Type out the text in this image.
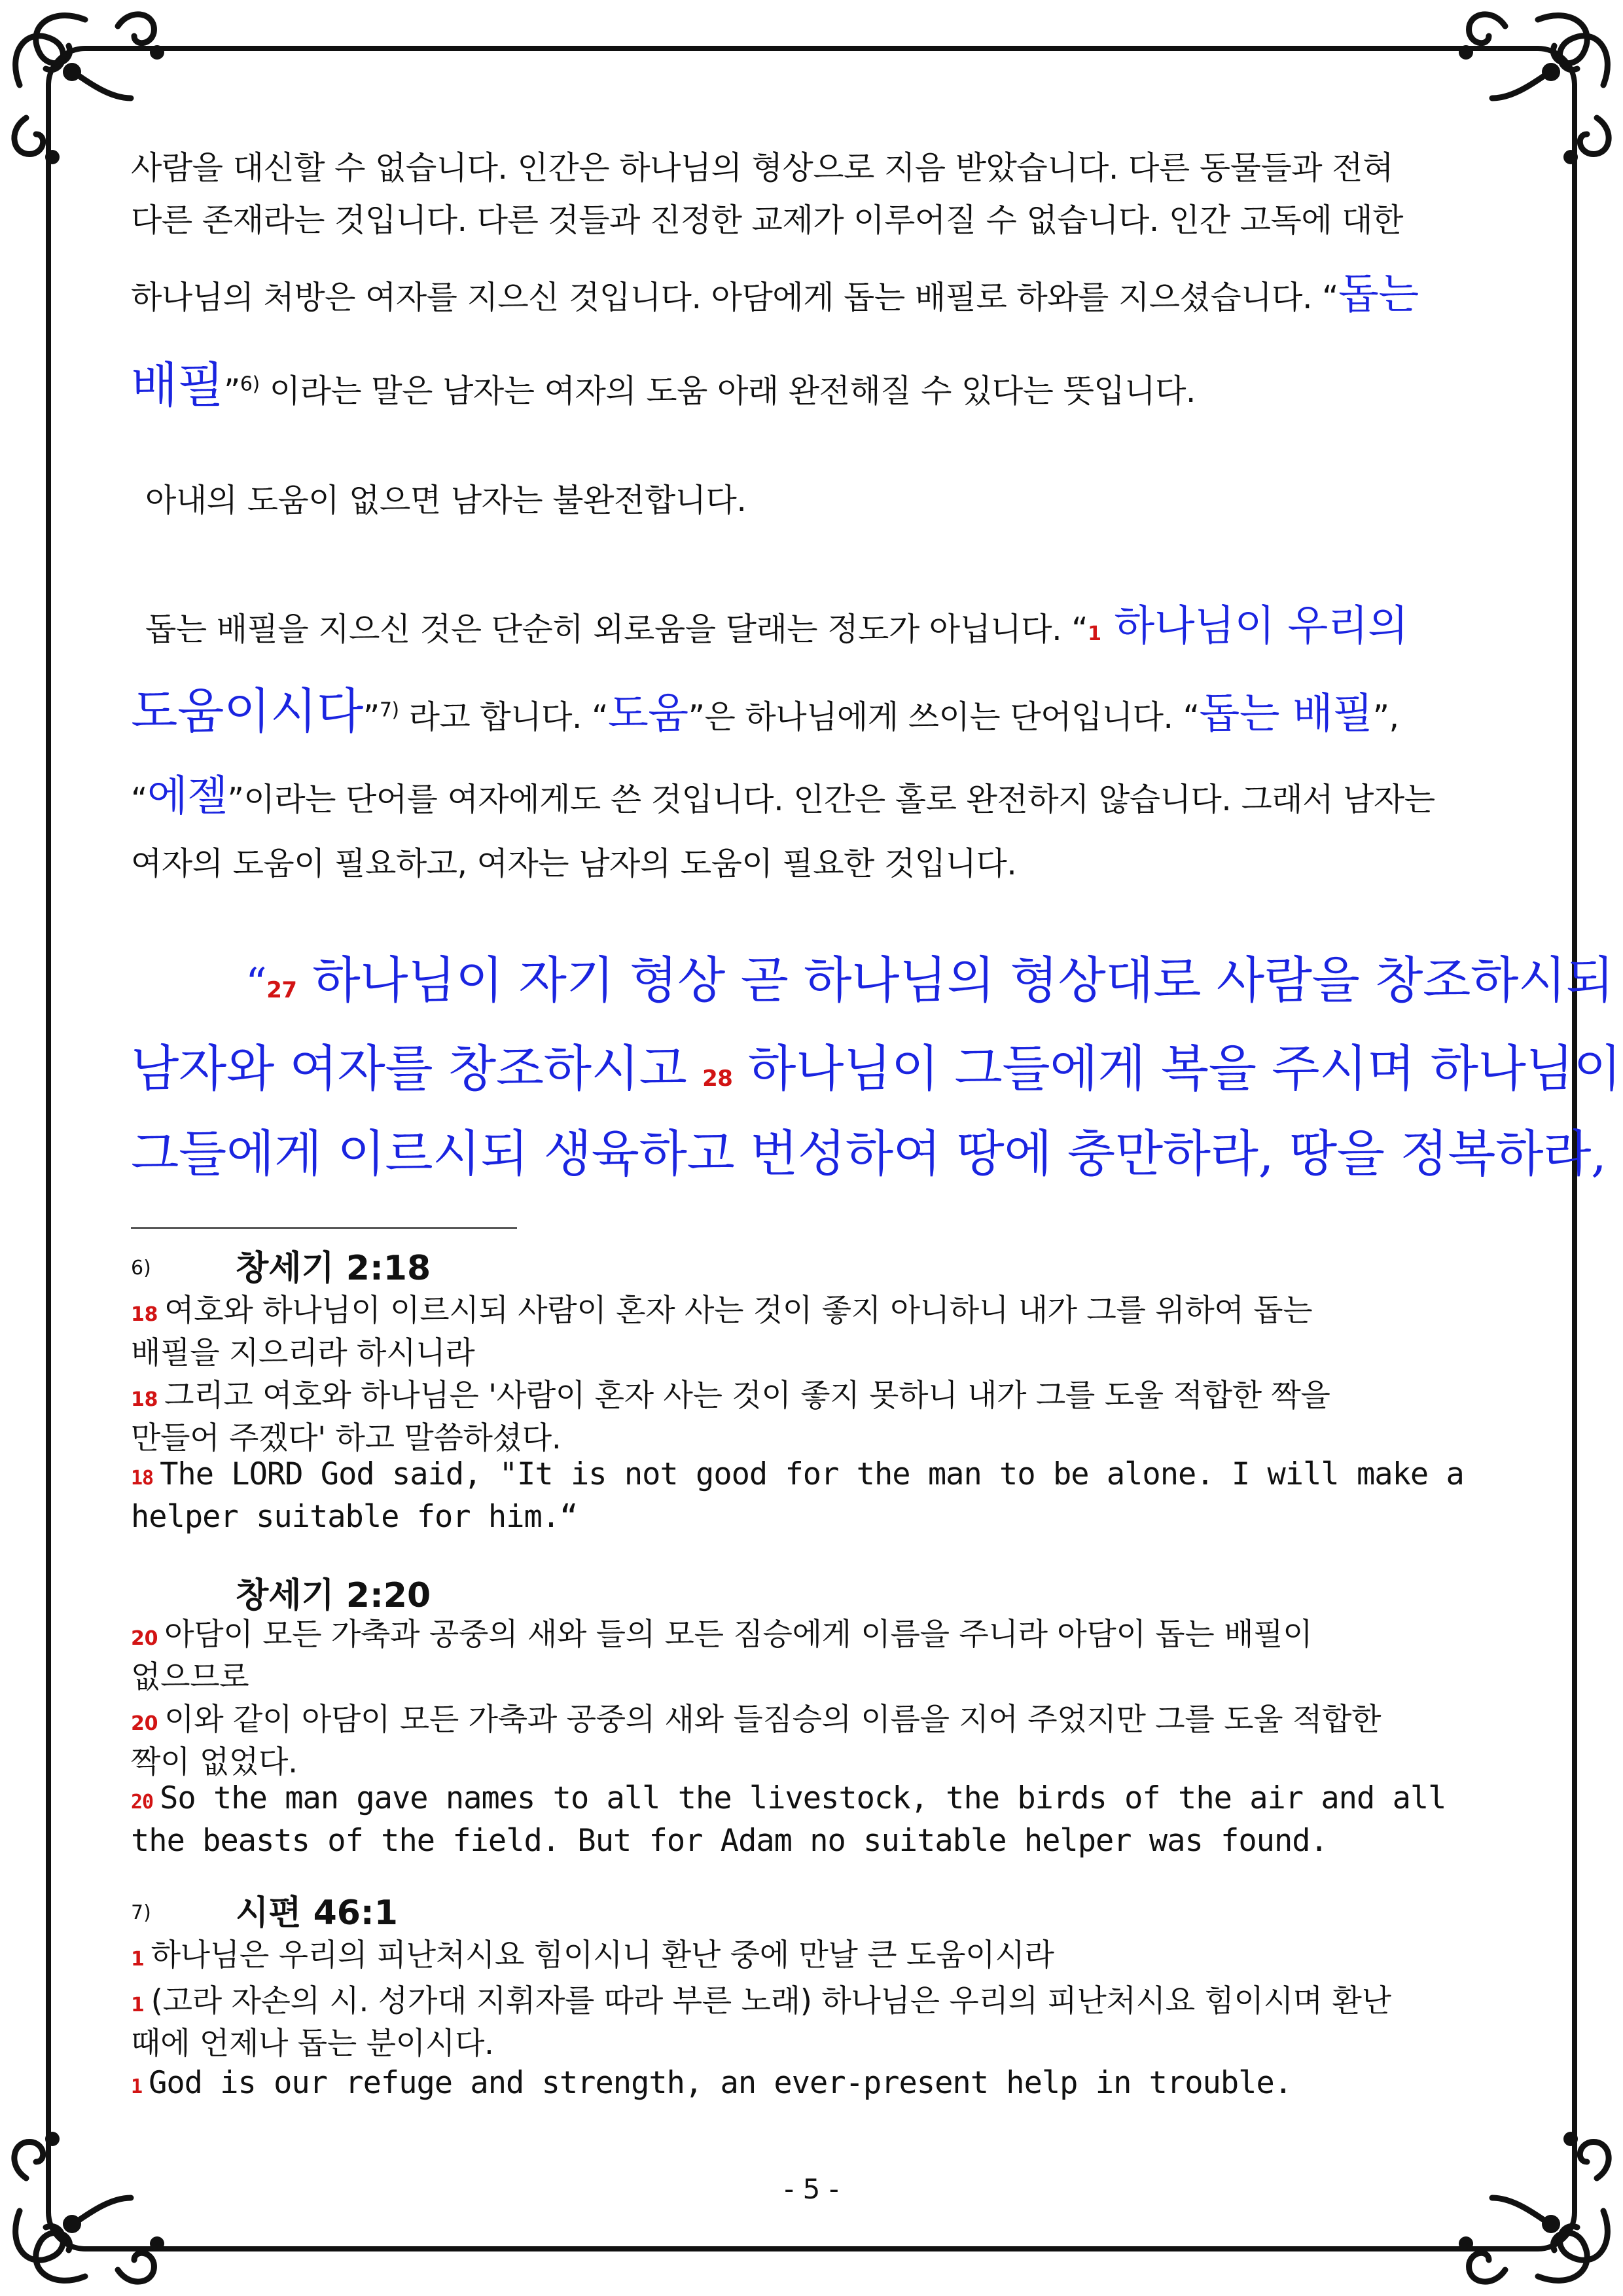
사람을 대신할 수 없습니다. 인간은 하나님의 형상으로 지음 받았습니다. 다른 동물들과 전혀
다른 존재라는 것입니다. 다른 것들과 진정한 교제가 이루어질 수 없습니다. 인간 고독에 대한
하나님의 처방은 여자를 지으신 것입니다. 아담에게 돕는 배필로 하와를 지으셨습니다. “돕는
배필”$^{6)}$ 이라는 말은 남자는 여자의 도움 아래 완전해질 수 있다는 뜻입니다.
아내의 도움이 없으면 남자는 불완전합니다.
돕는 배필을 지으신 것은 단순히 외로움을 달래는 정도가 아닙니다. “1 하나님이 우리의
도움이시다”$^{7)}$ 라고 합니다. “도움”은 하나님에게 쓰이는 단어입니다. “돕는 배필”,
“에젤”이라는 단어를 여자에게도 쓴 것입니다. 인간은 홀로 완전하지 않습니다. 그래서 남자는
여자의 도움이 필요하고, 여자는 남자의 도움이 필요한 것입니다.
“27 하나님이 자기 형상 곧 하나님의 형상대로 사람을 창조하시되
남자와 여자를 창조하시고 28 하나님이 그들에게 복을 주시며 하나님이
그들에게 이르시되 생육하고 번성하여 땅에 충만하라, 땅을 정복하라,
6) 창세기 2:18
18 여호와 하나님이 이르시되 사람이 혼자 사는 것이 좋지 아니하니 내가 그를 위하여 돕는
배필을 지으리라 하시니라
18 그리고 여호와 하나님은 '사람이 혼자 사는 것이 좋지 못하니 내가 그를 도울 적합한 짝을
만들어 주겠다' 하고 말씀하셨다.
18 The LORD God said, "It is not good for the man to be alone. I will make a
helper suitable for him.“
창세기 2:20
20 아담이 모든 가축과 공중의 새와 들의 모든 짐승에게 이름을 주니라 아담이 돕는 배필이
없으므로
20 이와 같이 아담이 모든 가축과 공중의 새와 들짐승의 이름을 지어 주었지만 그를 도울 적합한
짝이 없었다.
20 So the man gave names to all the livestock, the birds of the air and all
the beasts of the field. But for Adam no suitable helper was found.
7) 시편 46:1
1 하나님은 우리의 피난처시요 힘이시니 환난 중에 만날 큰 도움이시라
1 (고라 자손의 시. 성가대 지휘자를 따라 부른 노래) 하나님은 우리의 피난처시요 힘이시며 환난
때에 언제나 돕는 분이시다.
1 God is our refuge and strength, an ever-present help in trouble.
- 5 -
